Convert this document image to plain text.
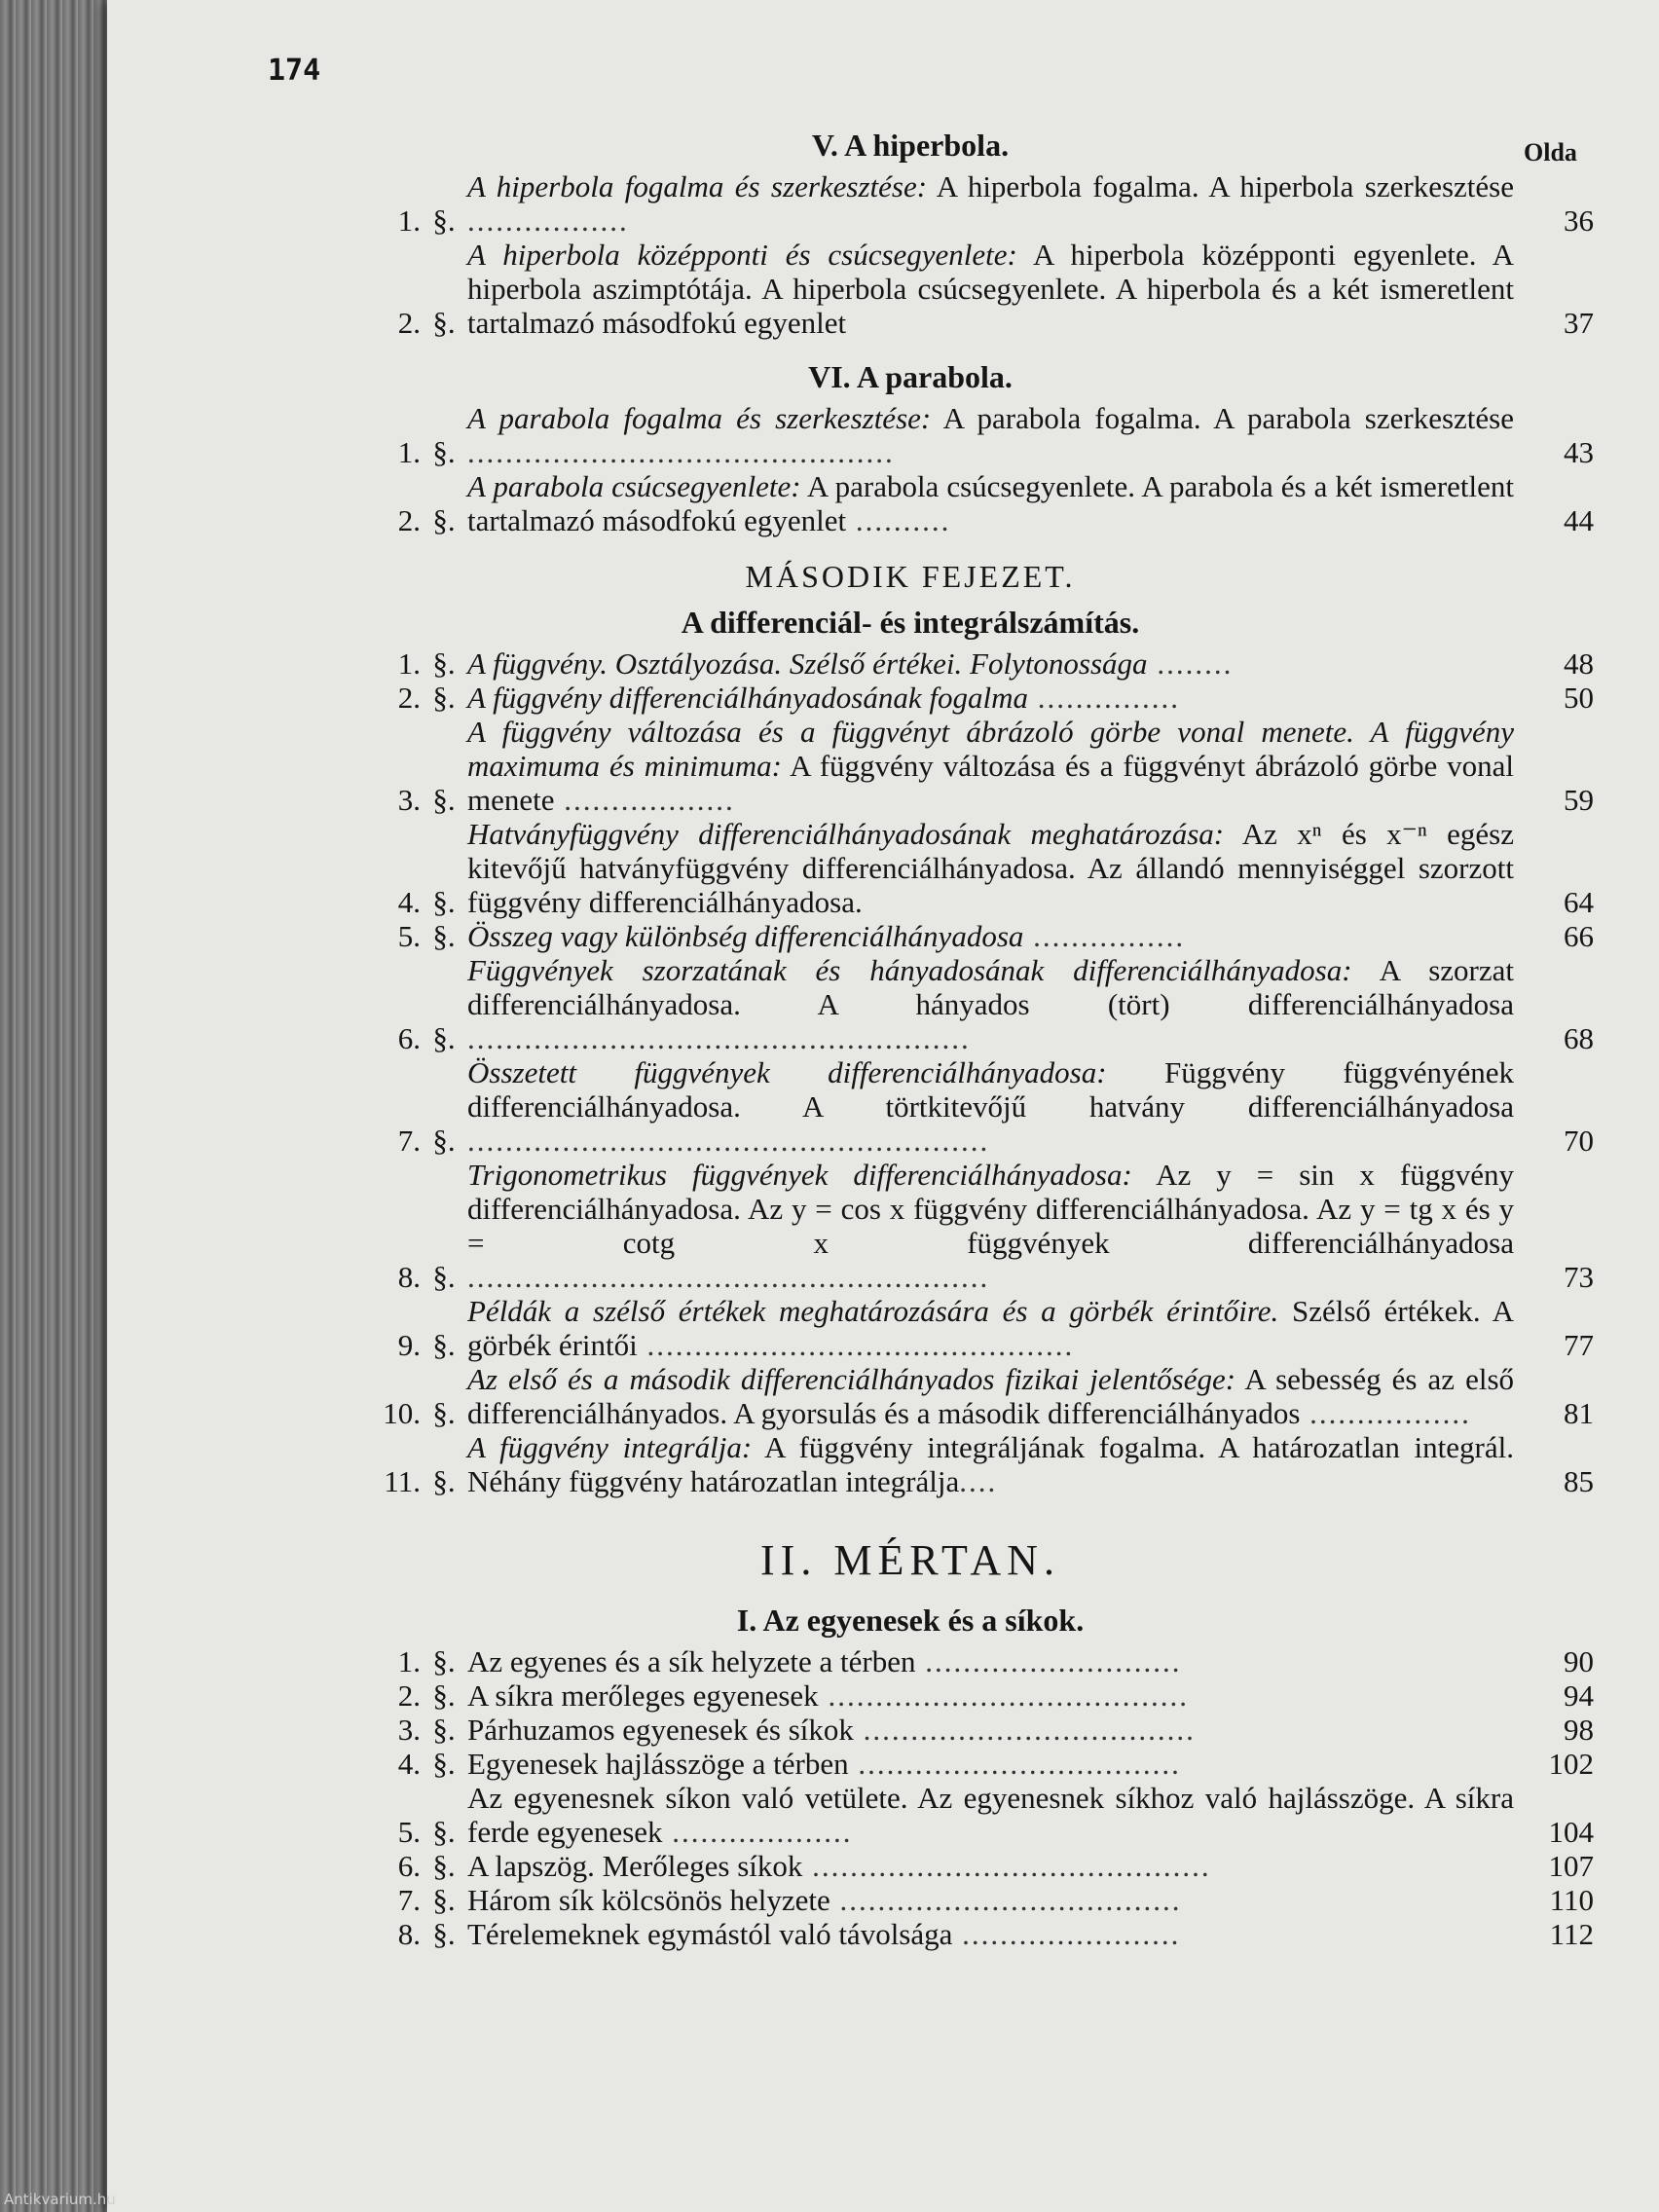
174
Olda
V. A hiperbola.
1. §.
A hiperbola fogalma és szerkesztése: A hiperbola fogalma. A hiperbola szerkesztése .................	36
2. §.
A hiperbola középponti és csúcsegyenlete: A hiperbola középponti egyenlete. A hiperbola aszimptótája. A hiperbola csúcsegyenlete. A hiperbola és a két ismeretlent tartalmazó másodfokú egyenlet	37
VI. A parabola.
1. §.
A parabola fogalma és szerkesztése: A parabola fogalma. A parabola szerkesztése .............................................	43
2. §.
A parabola csúcsegyenlete: A parabola csúcsegyenlete. A parabola és a két ismeretlent tartalmazó másodfokú egyenlet ..........	44
MÁSODIK FEJEZET.
A differenciál- és integrálszámítás.
1. §. A függvény. Osztályozása. Szélső értékei. Folytonossága ........	48
2. §. A függvény differenciálhányadosának fogalma ...............	50
3. §.
A függvény változása és a függvényt ábrázoló görbe vonal menete. A függvény maximuma és minimuma: A függvény változása és a függvényt ábrázoló görbe vonal menete ..................	59
4. §.
Hatványfüggvény differenciálhányadosának meghatározása: Az xⁿ és x⁻ⁿ egész kitevőjű hatványfüggvény differenciálhányadosa. Az állandó mennyiséggel szorzott függvény differenciálhányadosa.	64
5. §. Összeg vagy különbség differenciálhányadosa ................	66
6. §.
Függvények szorzatának és hányadosának differenciálhányadosa: A szorzat differenciálhányadosa. A hányados (tört) differenciálhányadosa .....................................................	68
7. §.
Összetett függvények differenciálhányadosa: Függvény függvényének differenciálhányadosa. A törtkitevőjű hatvány differenciálhányadosa .......................................................	70
8. §.
Trigonometrikus függvények differenciálhányadosa: Az y = sin x függvény differenciálhányadosa. Az y = cos x függvény differenciálhányadosa. Az y = tg x és y = cotg x függvények differenciálhányadosa .......................................................	73
9. §.
Példák a szélső értékek meghatározására és a görbék érintőire. Szélső értékek. A görbék érintői .............................................	77
10. §.
Az első és a második differenciálhányados fizikai jelentősége: A sebesség és az első differenciálhányados. A gyorsulás és a második differenciálhányados .................	81
11. §.
A függvény integrálja: A függvény integráljának fogalma. A határozatlan integrál. Néhány függvény határozatlan integrálja....	85
II. MÉRTAN.
I. Az egyenesek és a síkok.
1. §. Az egyenes és a sík helyzete a térben ...........................	90
2. §. A síkra merőleges egyenesek ......................................	94
3. §. Párhuzamos egyenesek és síkok ...................................	98
4. §. Egyenesek hajlásszöge a térben ..................................	102
5. §.
Az egyenesnek síkon való vetülete. Az egyenesnek síkhoz való hajlásszöge. A síkra ferde egyenesek ...................	104
6. §. A lapszög. Merőleges síkok ..........................................	107
7. §. Három sík kölcsönös helyzete ....................................	110
8. §. Térelemeknek egymástól való távolsága .......................	112
Antikvarium.hu
